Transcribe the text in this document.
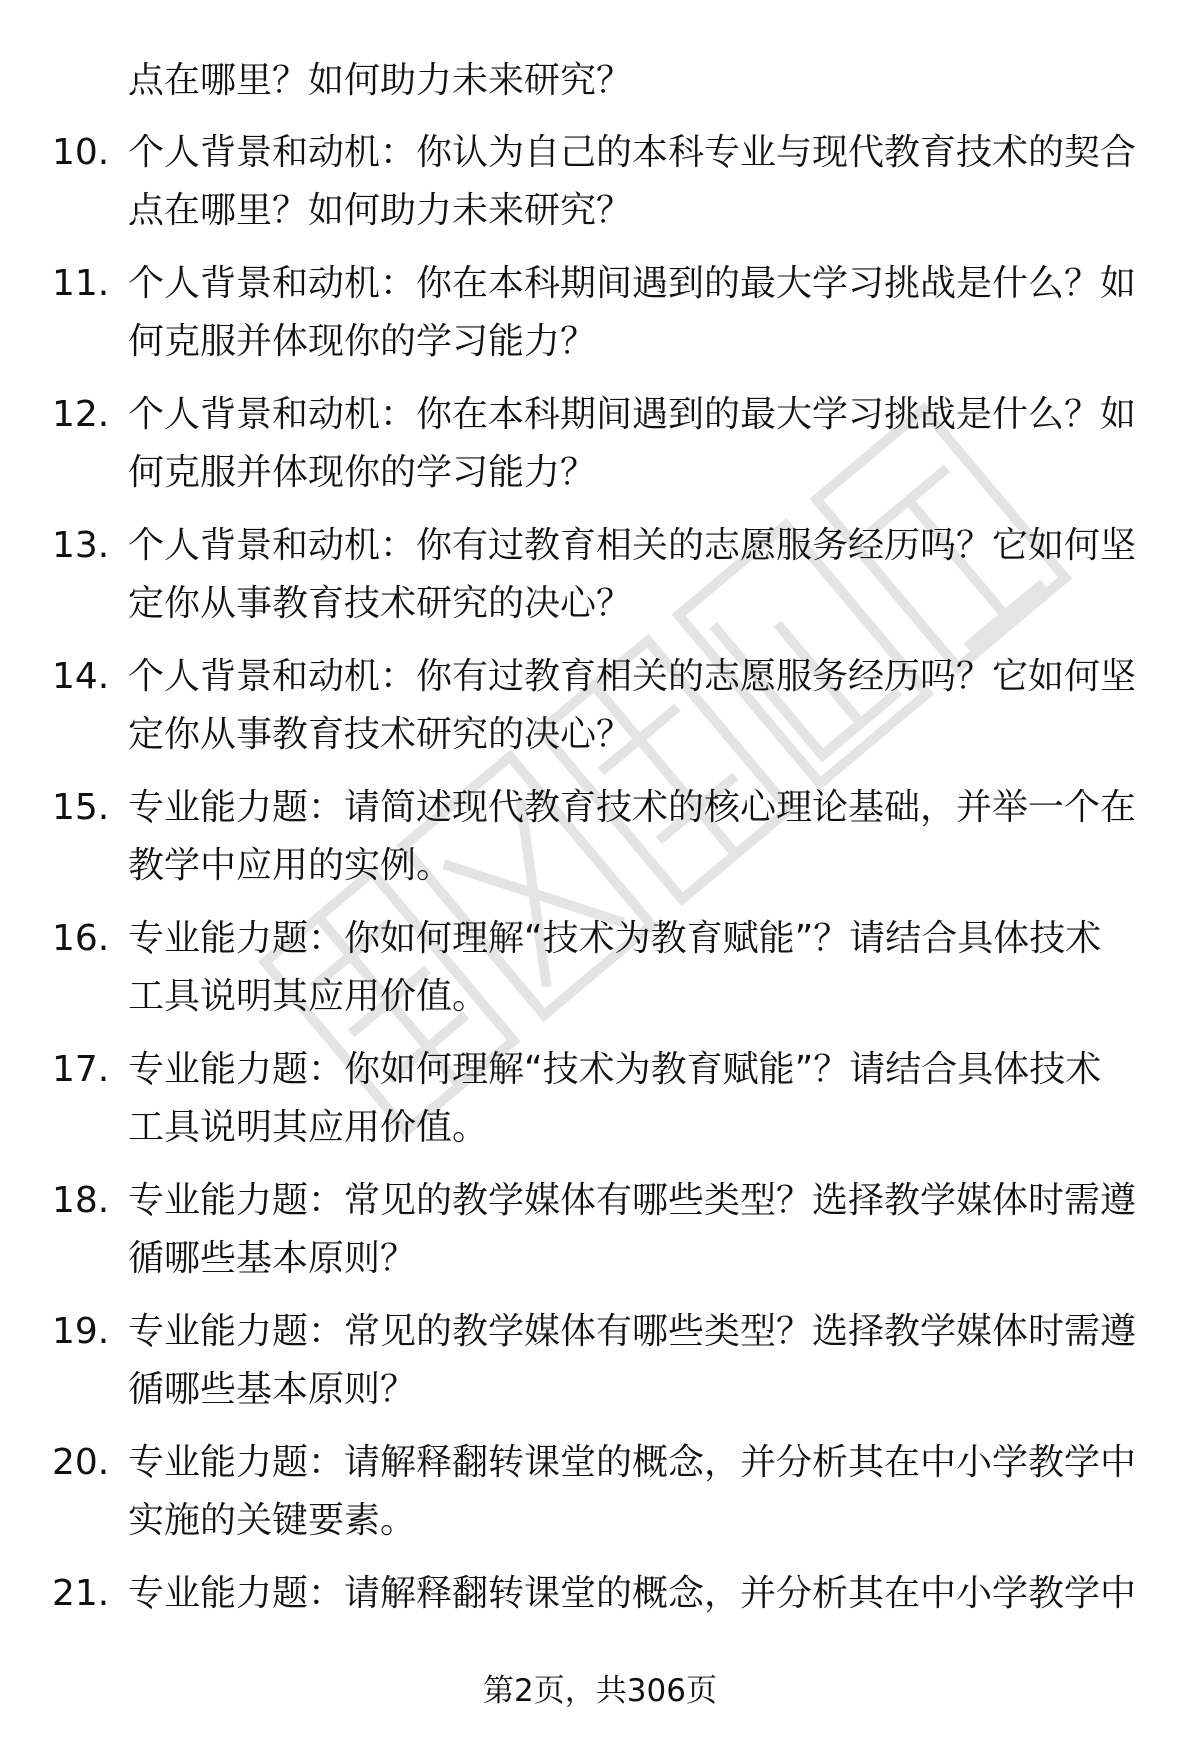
点在哪里？如何助力未来研究？
10. 个人背景和动机：你认为自己的本科专业与现代教育技术的契合
点在哪里？如何助力未来研究？
11. 个人背景和动机：你在本科期间遇到的最大学习挑战是什么？如
何克服并体现你的学习能力？
12. 个人背景和动机：你在本科期间遇到的最大学习挑战是什么？如
何克服并体现你的学习能力？
13. 个人背景和动机：你有过教育相关的志愿服务经历吗？它如何坚
定你从事教育技术研究的决心？
14. 个人背景和动机：你有过教育相关的志愿服务经历吗？它如何坚
定你从事教育技术研究的决心？
15. 专业能力题：请简述现代教育技术的核心理论基础，并举一个在
教学中应用的实例。
16. 专业能力题：你如何理解“技术为教育赋能”？请结合具体技术
工具说明其应用价值。
17. 专业能力题：你如何理解“技术为教育赋能”？请结合具体技术
工具说明其应用价值。
18. 专业能力题：常见的教学媒体有哪些类型？选择教学媒体时需遵
循哪些基本原则？
19. 专业能力题：常见的教学媒体有哪些类型？选择教学媒体时需遵
循哪些基本原则？
20. 专业能力题：请解释翻转课堂的概念，并分析其在中小学教学中
实施的关键要素。
21. 专业能力题：请解释翻转课堂的概念，并分析其在中小学教学中
第2页，共306页
